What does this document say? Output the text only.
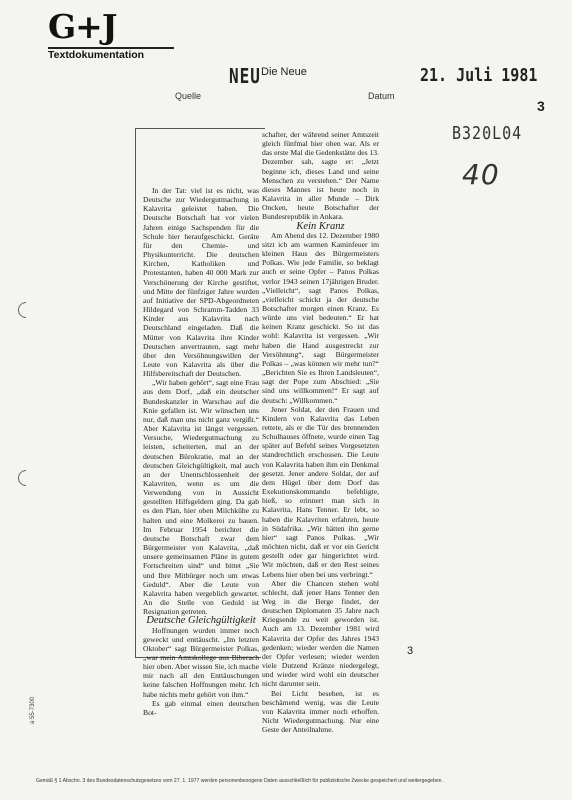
G+J
Textdokumentation
NEU Die Neue	21. Juli 1981
Quelle	Datum
3
B320L04
40

In der Tat: viel ist es nicht, was Deutsche zur Wiedergutmachung in Kalavrita geleistet haben. Die Deutsche Botschaft hat vor vielen Jahren einige Sachspenden für die Schule hier heraufgeschickt. Geräte für den Chemie- und Physikunterricht. Die deutschen Kirchen, Katholiken und Protestanten, haben 40 000 Mark zur Verschönerung der Kirche gestiftet, und Mitte der fünfziger Jahre wurden auf Initiative der SPD-Abgeordneten Hildegard von Schramm-Tadden 33 Kinder aus Kalavrita nach Deutschland eingeladen. Daß die Mütter von Kalavrita ihre Kinder Deutschen anvertrauten, sagt mehr über den Versöhnungswillen der Leute von Kalavrita als über die Hilfsbereitschaft der Deutschen.

„Wir haben gehört“, sagt eine Frau aus dem Dorf, „daß ein deutscher Bundeskanzler in Warschau auf die Knie gefallen ist. Wir wünschen uns nur, daß man uns nicht ganz vergißt.“ Aber Kalavrita ist längst vergessen. Versuche, Wiedergutmachung zu leisten, scheiterten, mal an der deutschen Bürokratie, mal an der deutschen Gleichgültigkeit, mal auch an der Unentschlossenheit der Kalavriten, wenn es um die Verwendung von in Aussicht gestellten Hilfsgeldern ging. Da gab es den Plan, hier oben Milchkühe zu halten und eine Molkerei zu bauen. Im Februar 1954 berichtet die deutsche Botschaft zwar dem Bürgermeister von Kalavrita, „daß unsere gemeinsamen Pläne in gutem Fortschreiten sind“ und bittet „Sie und Ihre Mitbürger noch um etwas Geduld“. Aber die Leute von Kalavrita haben vergeblich gewartet. An die Stelle von Geduld ist Resignation getreten.

Deutsche Gleichgültigkeit

Hoffnungen wurden immer noch geweckt und enttäuscht. „Im letzten Oktober“ sagt Bürgermeister Polkas, „war mein Amtskollege aus Biberach hier oben. Aber wissen Sie, ich mache mir nach all den Enttäuschungen keine falschen Hoffnungen mehr. Ich habe nichts mehr gehört von ihm.“

Es gab einmal einen deutschen Bot-

schafter, der während seiner Amtszeit gleich fünfmal hier oben war. Als er das erste Mal die Gedenkstätte des 13. Dezember sah, sagte er: „Jetzt beginne ich, dieses Land und seine Menschen zu verstehen.“ Der Name dieses Mannes ist heute noch in Kalavrita in aller Munde – Dirk Oncken, heute Botschafter der Bundesrepublik in Ankara.

Kein Kranz

Am Abend des 12. Dezember 1980 sitzt ich am warmen Kaminfeuer im kleinen Haus des Bürgermeisters Polkas. Wie jede Familie, so beklagt auch er seine Opfer – Panos Polkas verlor 1943 seinen 17jährigen Bruder. „Vielleicht“, sagt Panos Polkas, „vielleicht schickt ja der deutsche Botschafter morgen einen Kranz. Es würde uns viel bedeuten.“ Er hat keinen Kranz geschickt. So ist das wohl: Kalavrita ist vergessen. „Wir haben die Hand ausgestreckt zur Versöhnung“, sagt Bürgermeister Polkas – „was können wir mehr tun?“ „Berichten Sie es Ihren Landsleuten“, sagt der Pope zum Abschied: „Sie sind uns willkommen!“ Er sagt auf deutsch: „Willkommen.“

Jener Soldat, der den Frauen und Kindern von Kalavrita das Leben rettete, als er die Tür des brennenden Schulhauses öffnete, wurde einen Tag später auf Befehl seines Vorgesetzten standrechtlich erschossen. Die Leute von Kalavrita haben ihm ein Denkmal gesetzt. Jener andere Soldat, der auf dem Hügel über dem Dorf das Exekutionskommando befehligte, hieß, so erinnert man sich in Kalavrita, Hans Tenner. Er lebt, so haben die Kalavriten erfahren, heute in Südafrika. „Wir hätten ihn gerne hier“ sagt Panos Polkas. „Wir möchten nicht, daß er vor ein Gericht gestellt oder gar hingerichtet wird. Wir möchten, daß er den Rest seines Lebens hier oben bei uns verbringt.“

Aber die Chancen stehen wohl schlecht, daß jener Hans Tenner den Weg in die Berge findet, der deutschen Diplomaten 35 Jahre nach Kriegsende zu weit geworden ist. Auch am 13. Dezember 1981 wird Kalavrita der Opfer des Jahres 1943 gedenken; wieder werden die Namen der Opfer verlesen; wieder werden viele Dutzend Kränze niedergelegt, und wieder wird wohl ein deutscher nicht darunter sein.

Bei Licht besehen, ist es beschämend wenig, was die Leute von Kalavrita immer noch erhoffen. Nicht Wiedergutmachung. Nur eine Geste der Anteilnahme.

3
a 55-7300
Gemäß § 1 Abschn. 3 des Bundesdatenschutzgesetzes vom 27. 1. 1977 werden personenbezogene Daten ausschließlich für publizistische Zwecke gespeichert und weitergegeben.
